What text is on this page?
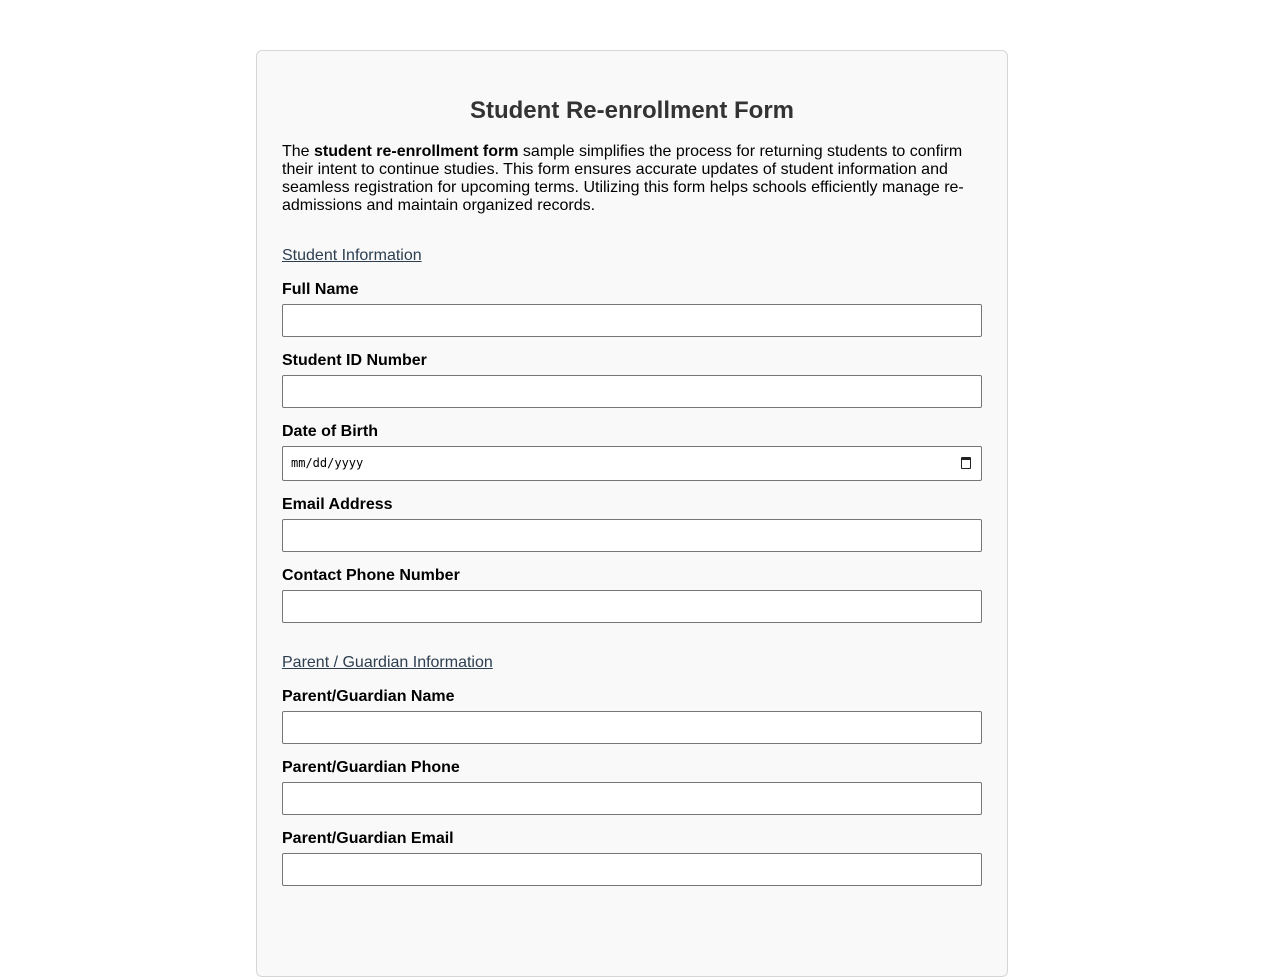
Student Re-enrollment Form

The student re-enrollment form sample simplifies the process for returning students to confirm their intent to continue studies. This form ensures accurate updates of student information and seamless registration for upcoming terms. Utilizing this form helps schools efficiently manage re-admissions and maintain organized records.

Student Information
Full Name
Student ID Number
Date of Birth
mm/dd/yyyy
Email Address
Contact Phone Number
Parent / Guardian Information
Parent/Guardian Name
Parent/Guardian Phone
Parent/Guardian Email
